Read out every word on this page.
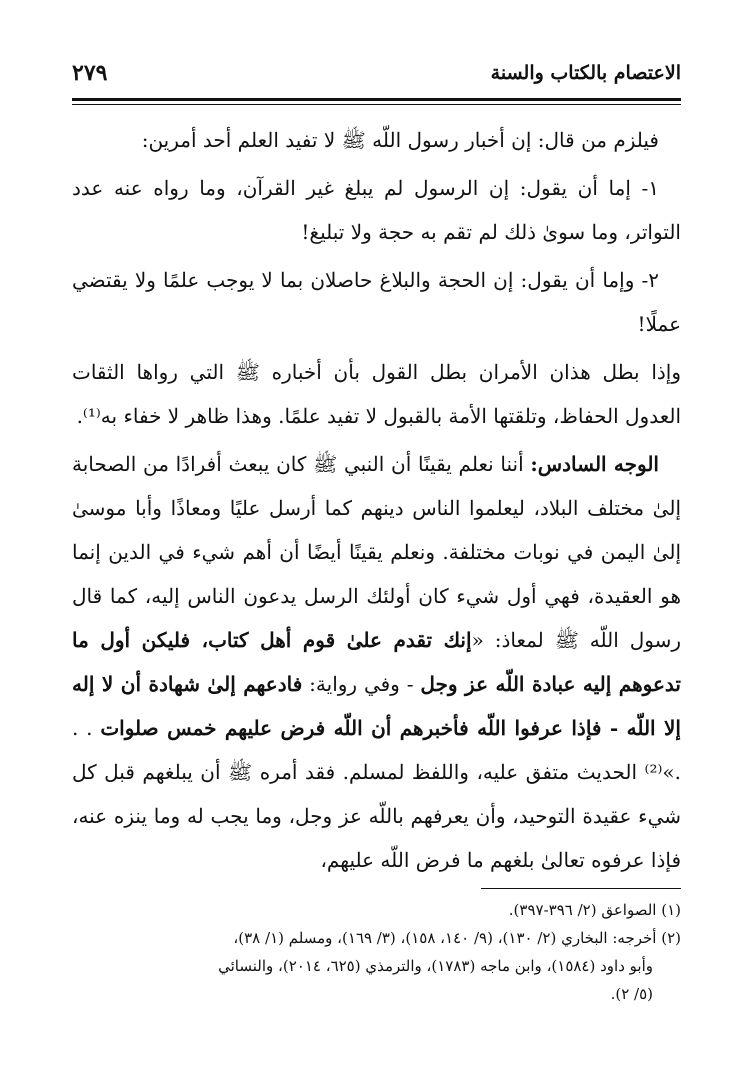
الاعتصام بالكتاب والسنة
٢٧٩

فيلزم من قال: إن أخبار رسول اللّه ﷺ لا تفيد العلم أحد أمرين:

١- إما أن يقول: إن الرسول لم يبلغ غير القرآن، وما رواه عنه عدد التواتر، وما سوىٰ ذلك لم تقم به حجة ولا تبليغ!

٢- وإما أن يقول: إن الحجة والبلاغ حاصلان بما لا يوجب علمًا ولا يقتضي عملًا!

وإذا بطل هذان الأمران بطل القول بأن أخباره ﷺ التي رواها الثقات العدول الحفاظ، وتلقتها الأمة بالقبول لا تفيد علمًا. وهذا ظاهر لا خفاء به⁽¹⁾.

الوجه السادس: أننا نعلم يقينًا أن النبي ﷺ كان يبعث أفرادًا من الصحابة إلىٰ مختلف البلاد، ليعلموا الناس دينهم كما أرسل عليًا ومعاذًا وأبا موسىٰ إلىٰ اليمن في نوبات مختلفة. ونعلم يقينًا أيضًا أن أهم شيء في الدين إنما هو العقيدة، فهي أول شيء كان أولئك الرسل يدعون الناس إليه، كما قال رسول اللّه ﷺ لمعاذ: «إنك تقدم علىٰ قوم أهل كتاب، فليكن أول ما تدعوهم إليه عبادة اللّه عز وجل - وفي رواية: فادعهم إلىٰ شهادة أن لا إله إلا اللّه - فإذا عرفوا اللّه فأخبرهم أن اللّه فرض عليهم خمس صلوات . . .»⁽²⁾ الحديث متفق عليه، واللفظ لمسلم. فقد أمره ﷺ أن يبلغهم قبل كل شيء عقيدة التوحيد، وأن يعرفهم باللّه عز وجل، وما يجب له وما ينزه عنه، فإذا عرفوه تعالىٰ بلغهم ما فرض اللّه عليهم،

(١) الصواعق (٢/ ٣٩٦-٣٩٧).

(٢) أخرجه: البخاري (٢/ ١٣٠)، (٩/ ١٤٠، ١٥٨)، (٣/ ١٦٩)، ومسلم (١/ ٣٨)،

وأبو داود (١٥٨٤)، وابن ماجه (١٧٨٣)، والترمذي (٦٢٥، ٢٠١٤)، والنسائي

(٥/ ٢).
